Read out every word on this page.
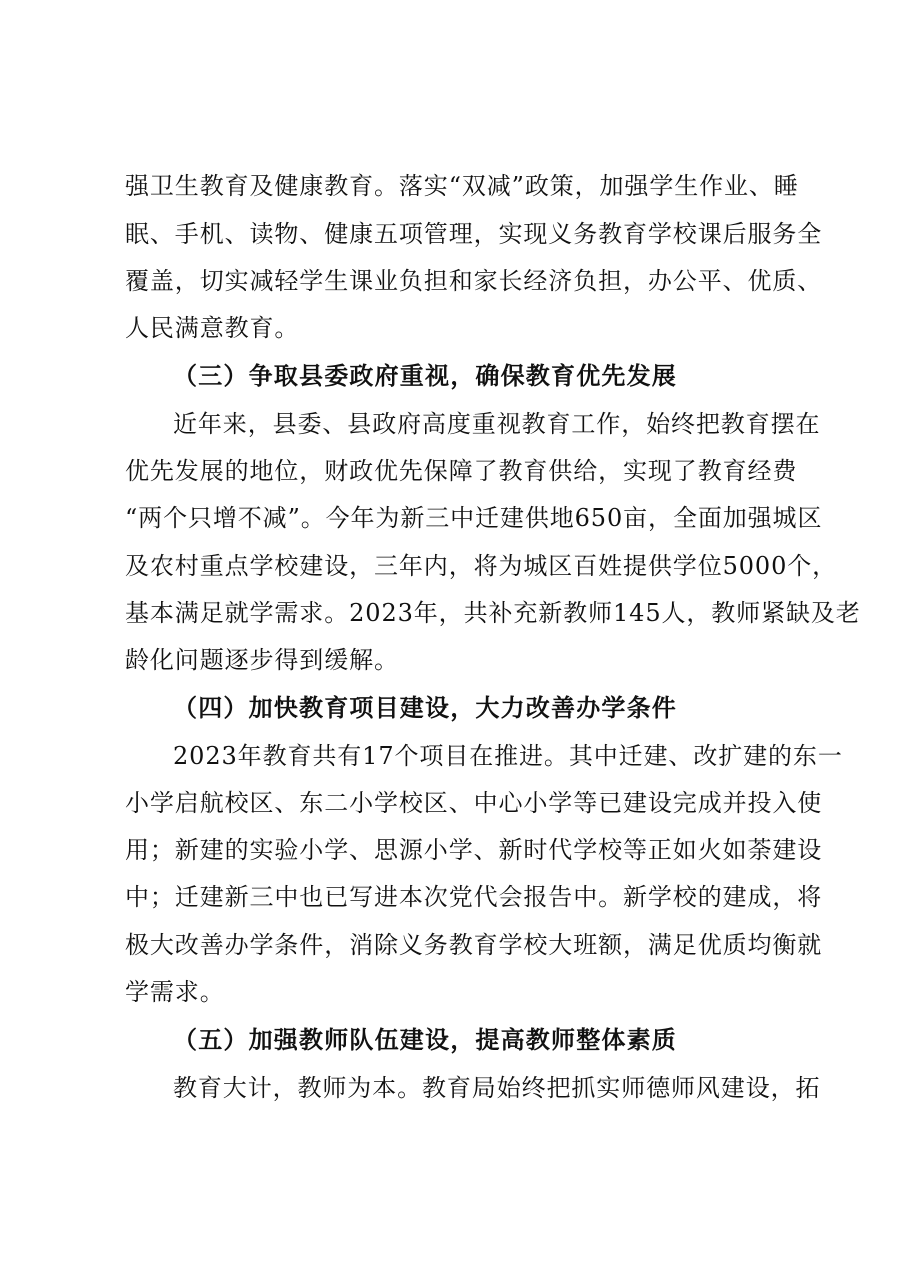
强卫生教育及健康教育。落实“双减”政策，加强学生作业、睡
眠、手机、读物、健康五项管理，实现义务教育学校课后服务全
覆盖，切实减轻学生课业负担和家长经济负担，办公平、优质、
人民满意教育。
（三）争取县委政府重视，确保教育优先发展
近年来，县委、县政府高度重视教育工作，始终把教育摆在
优先发展的地位，财政优先保障了教育供给，实现了教育经费
“两个只增不减”。今年为新三中迁建供地650亩，全面加强城区
及农村重点学校建设，三年内，将为城区百姓提供学位5000个，
基本满足就学需求。2023年，共补充新教师145人，教师紧缺及老
龄化问题逐步得到缓解。
（四）加快教育项目建设，大力改善办学条件
2023年教育共有17个项目在推进。其中迁建、改扩建的东一
小学启航校区、东二小学校区、中心小学等已建设完成并投入使
用；新建的实验小学、思源小学、新时代学校等正如火如荼建设
中；迁建新三中也已写进本次党代会报告中。新学校的建成，将
极大改善办学条件，消除义务教育学校大班额，满足优质均衡就
学需求。
（五）加强教师队伍建设，提高教师整体素质
教育大计，教师为本。教育局始终把抓实师德师风建设，拓
